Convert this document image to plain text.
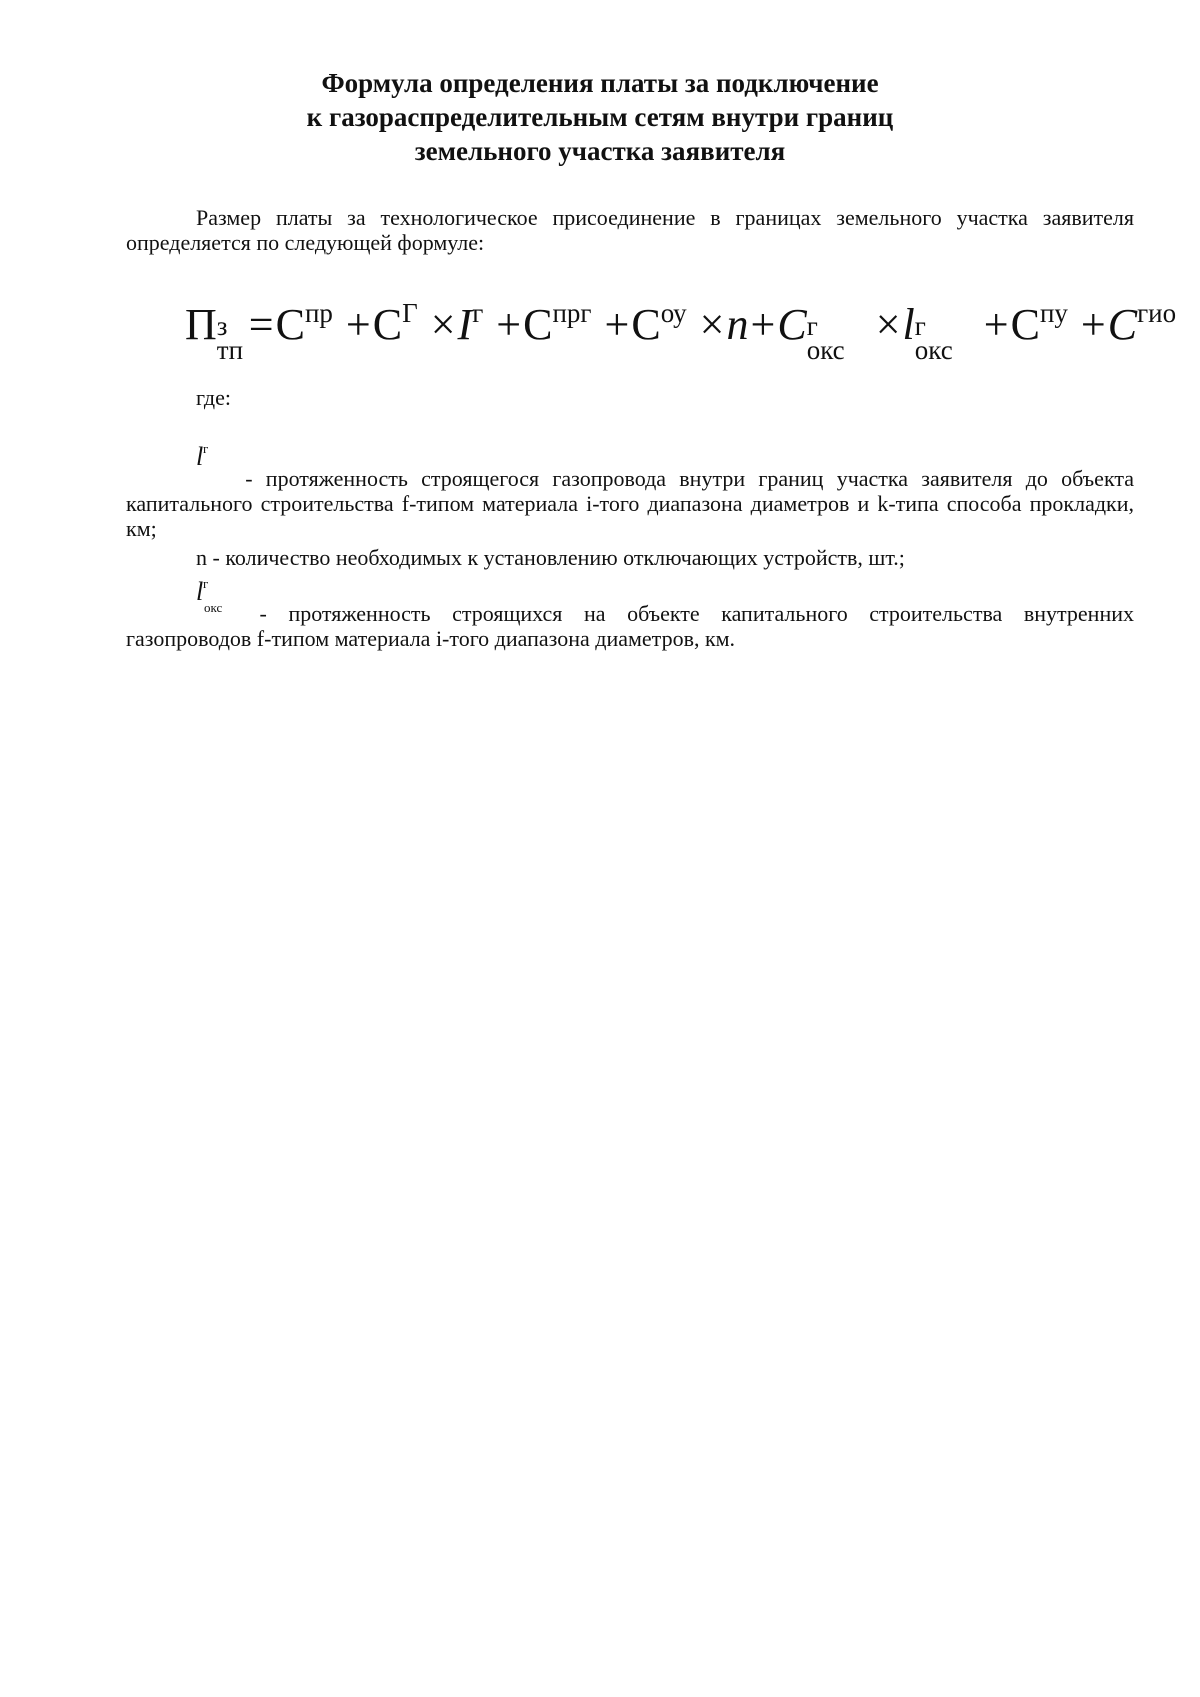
Формула определения платы за подключение
к газораспределительным сетям внутри границ
земельного участка заявителя
Размер платы за технологическое присоединение в границах земельного участка заявителя определяется по следующей формуле:
П з
тп
$=С^{пр} +С^Г \times I^г +С^{прг} +С^{оу} \times n+C$ г
окс
×l г
окс
$+С^{пу} +C^{гио}$
где:
l г
- протяженность строящегося газопровода внутри границ участка заявителя до объекта капитального строительства f-типом материала i-того диапазона диаметров и k-типа способа прокладки, км;
n - количество необходимых к установлению отключающих устройств, шт.;
l г
окс - протяженность строящихся на объекте капитального строительства внутренних газопроводов f-типом материала i-того диапазона диаметров, км.
